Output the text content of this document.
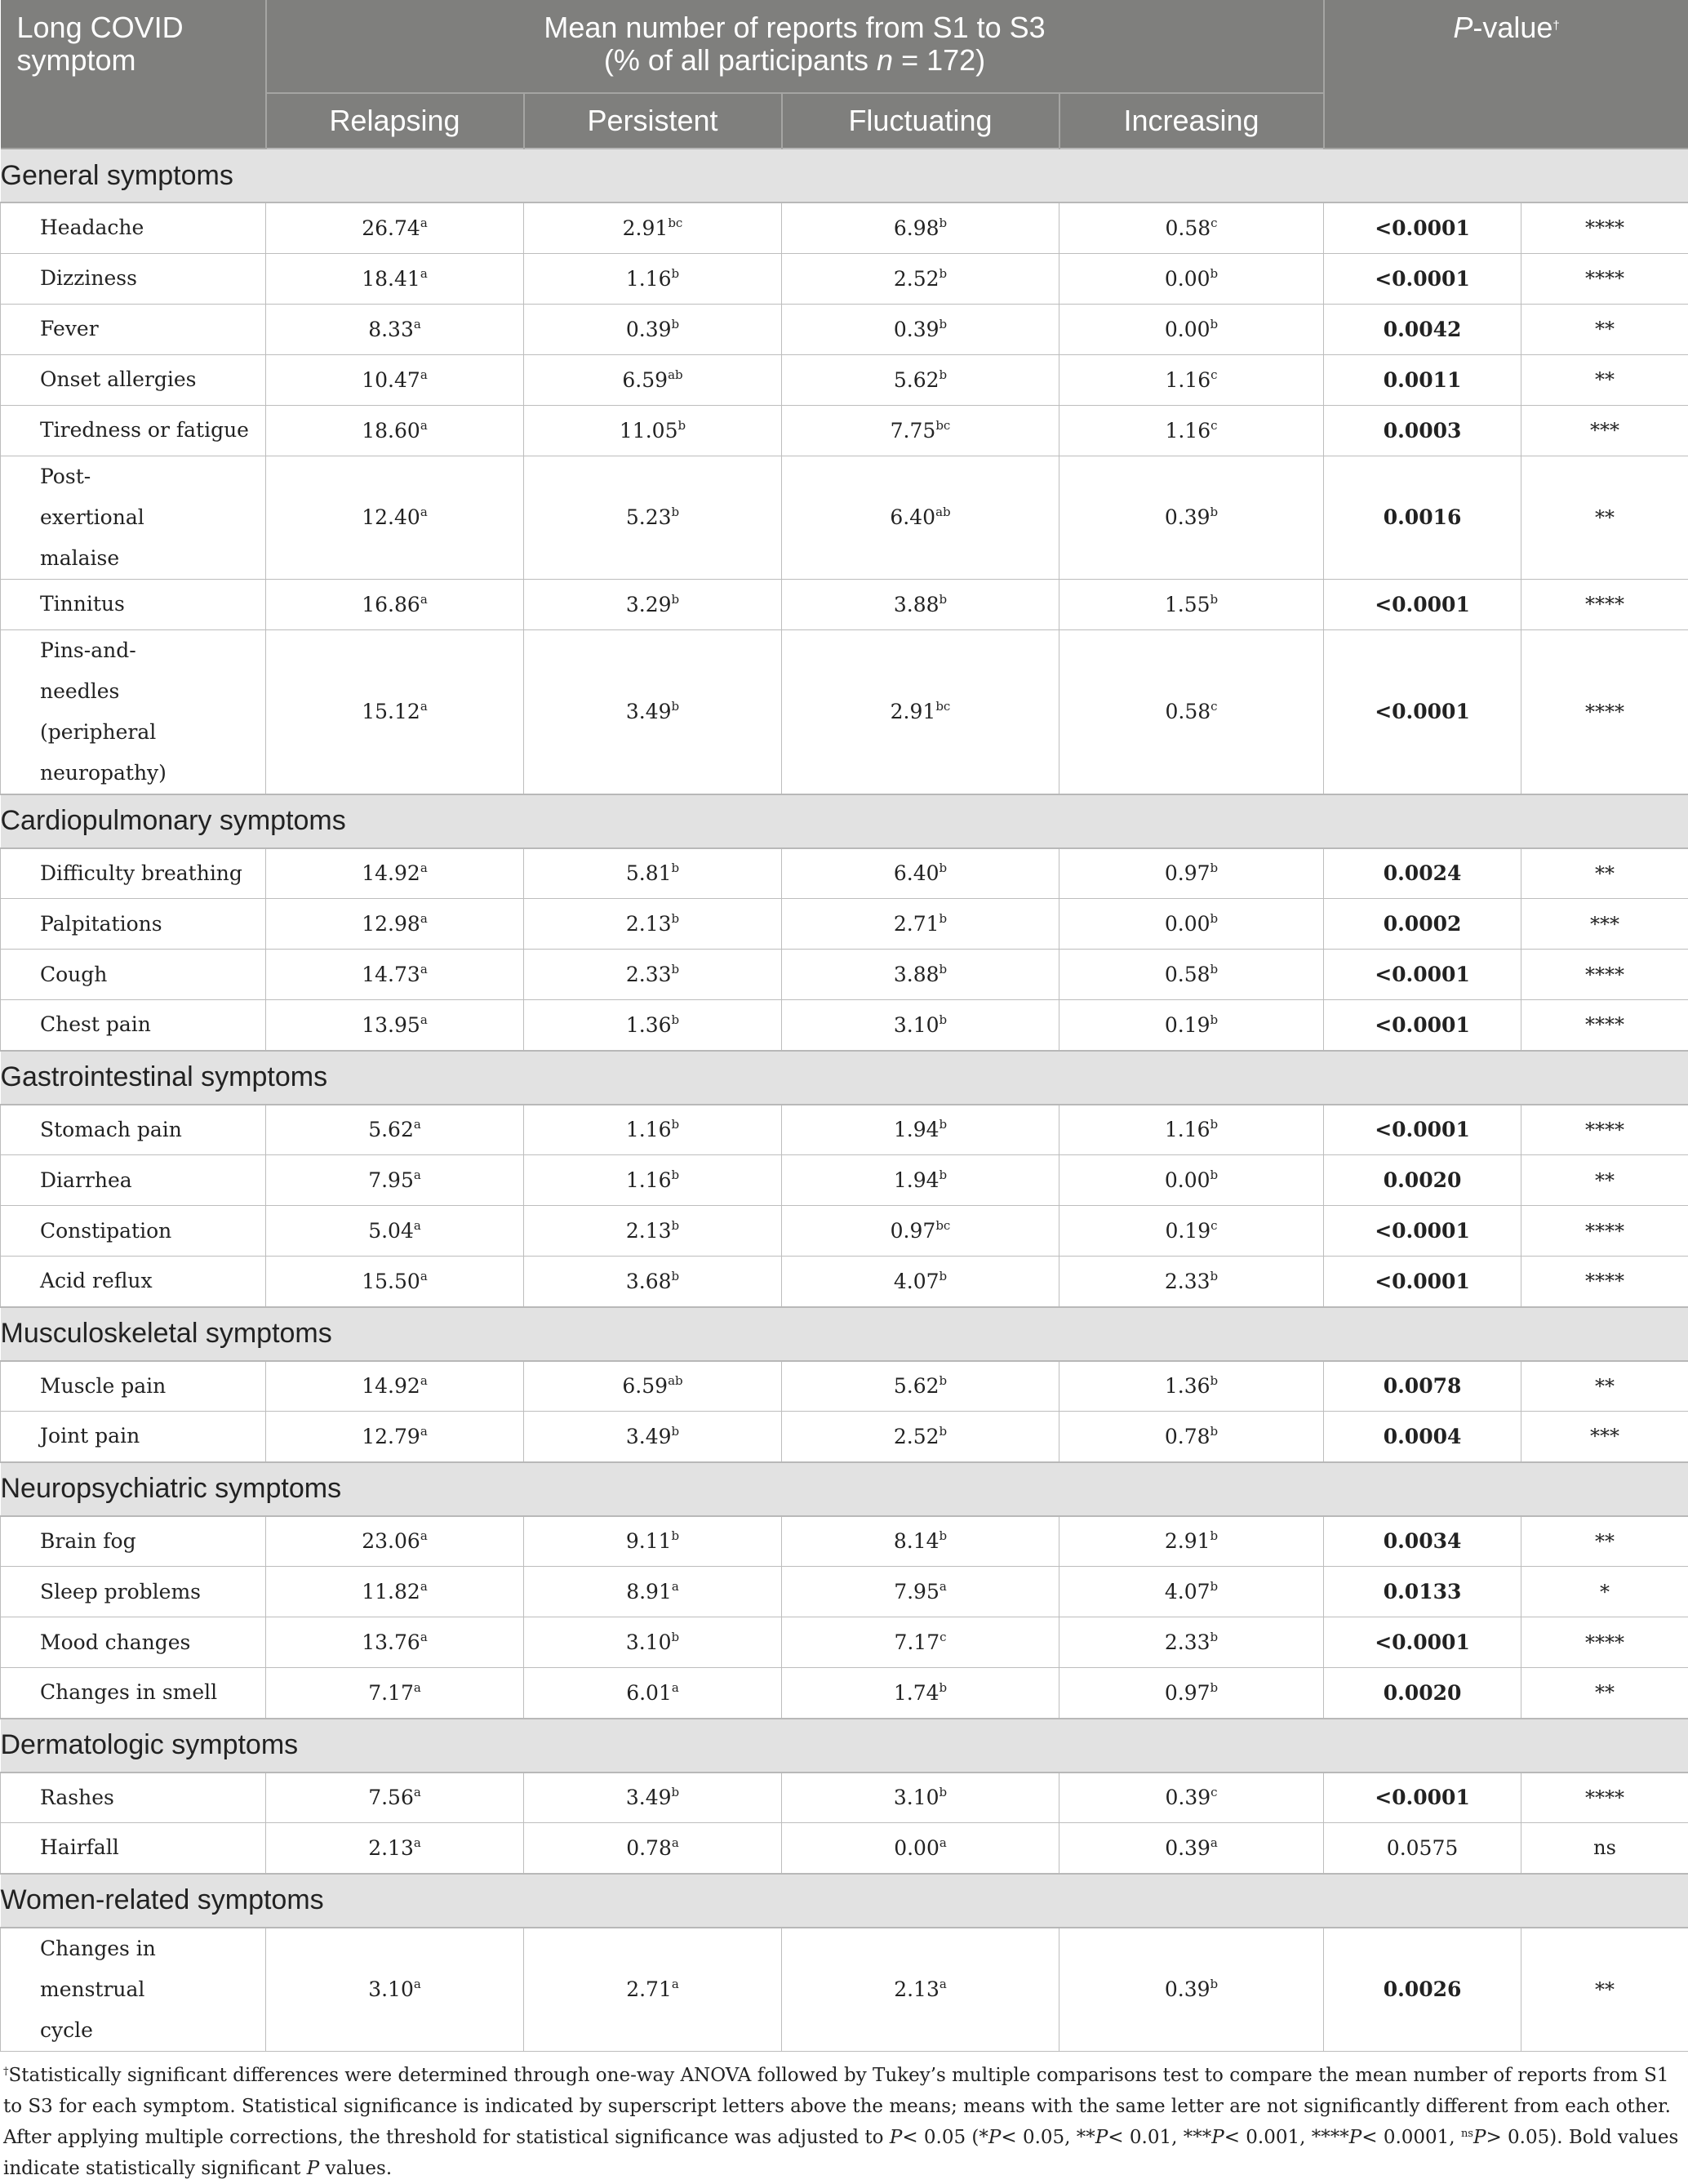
Long COVID
symptom	Mean number of reports from S1 to S3
(% of all participants n = 172)				P-value†
	Relapsing	Persistent	Fluctuating	Increasing		
General symptoms						
Headache	26.74$^a$	2.91$^{bc}$	6.98$^b$	0.58$^c$	<0.0001	****
Dizziness	18.41$^a$	1.16$^b$	2.52$^b$	0.00$^b$	<0.0001	****
Fever	8.33$^a$	0.39$^b$	0.39$^b$	0.00$^b$	0.0042	**
Onset allergies	10.47$^a$	6.59$^{ab}$	5.62$^b$	1.16$^c$	0.0011	**
Tiredness or fatigue	18.60$^a$	11.05$^b$	7.75$^{bc}$	1.16$^c$	0.0003	***
Post-exertional malaise	12.40$^a$	5.23$^b$	6.40$^{ab}$	0.39$^b$	0.0016	**
Tinnitus	16.86$^a$	3.29$^b$	3.88$^b$	1.55$^b$	<0.0001	****
Pins-and-needles (peripheral neuropathy)	15.12$^a$	3.49$^b$	2.91$^{bc}$	0.58$^c$	<0.0001	****
Cardiopulmonary symptoms						
Difficulty breathing	14.92$^a$	5.81$^b$	6.40$^b$	0.97$^b$	0.0024	**
Palpitations	12.98$^a$	2.13$^b$	2.71$^b$	0.00$^b$	0.0002	***
Cough	14.73$^a$	2.33$^b$	3.88$^b$	0.58$^b$	<0.0001	****
Chest pain	13.95$^a$	1.36$^b$	3.10$^b$	0.19$^b$	<0.0001	****
Gastrointestinal symptoms						
Stomach pain	5.62$^a$	1.16$^b$	1.94$^b$	1.16$^b$	<0.0001	****
Diarrhea	7.95$^a$	1.16$^b$	1.94$^b$	0.00$^b$	0.0020	**
Constipation	5.04$^a$	2.13$^b$	0.97$^{bc}$	0.19$^c$	<0.0001	****
Acid reflux	15.50$^a$	3.68$^b$	4.07$^b$	2.33$^b$	<0.0001	****
Musculoskeletal symptoms						
Muscle pain	14.92$^a$	6.59$^{ab}$	5.62$^b$	1.36$^b$	0.0078	**
Joint pain	12.79$^a$	3.49$^b$	2.52$^b$	0.78$^b$	0.0004	***
Neuropsychiatric symptoms						
Brain fog	23.06$^a$	9.11$^b$	8.14$^b$	2.91$^b$	0.0034	**
Sleep problems	11.82$^a$	8.91$^a$	7.95$^a$	4.07$^b$	0.0133	*
Mood changes	13.76$^a$	3.10$^b$	7.17$^c$	2.33$^b$	<0.0001	****
Changes in smell	7.17$^a$	6.01$^a$	1.74$^b$	0.97$^b$	0.0020	**
Dermatologic symptoms						
Rashes	7.56$^a$	3.49$^b$	3.10$^b$	0.39$^c$	<0.0001	****
Hairfall	2.13$^a$	0.78$^a$	0.00$^a$	0.39$^a$	0.0575	ns
Women-related symptoms						
Changes in menstrual cycle	3.10$^a$	2.71$^a$	2.13$^a$	0.39$^b$	0.0026	**
†Statistically significant differences were determined through one-way ANOVA followed by Tukey’s multiple comparisons test to compare the mean number of reports from S1 to S3 for each symptom. Statistical significance is indicated by superscript letters above the means; means with the same letter are not significantly different from each other. After applying multiple corrections, the threshold for statistical significance was adjusted to P< 0.05 (*P< 0.05, **P< 0.01, ***P< 0.001, ****P< 0.0001, $^{ns}$P> 0.05). Bold values indicate statistically significant P values.
